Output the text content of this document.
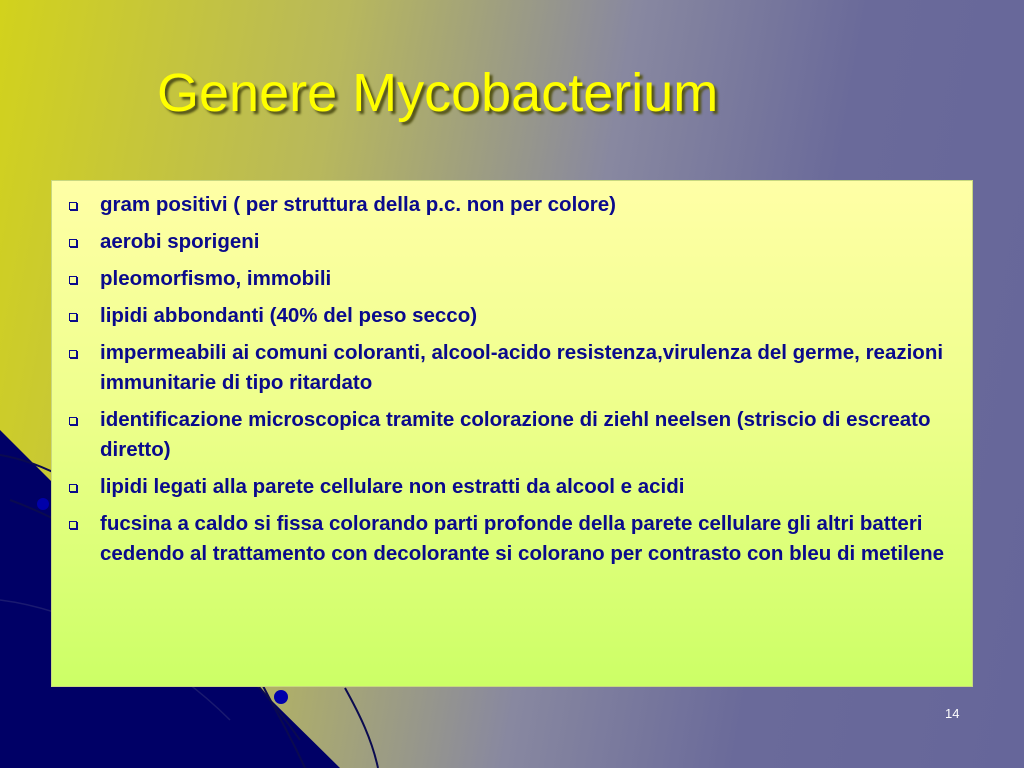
Genere Mycobacterium
gram positivi ( per struttura della p.c. non per colore)
aerobi sporigeni
pleomorfismo, immobili
lipidi abbondanti (40% del peso secco)
impermeabili ai comuni coloranti, alcool-acido resistenza,virulenza del germe, reazioni immunitarie di tipo ritardato
identificazione microscopica tramite colorazione di ziehl neelsen (striscio di escreato diretto)
lipidi legati alla parete cellulare non estratti da alcool e acidi
fucsina a caldo si fissa colorando parti profonde della parete cellulare gli altri batteri cedendo al trattamento con decolorante si colorano per contrasto con bleu di metilene
14
